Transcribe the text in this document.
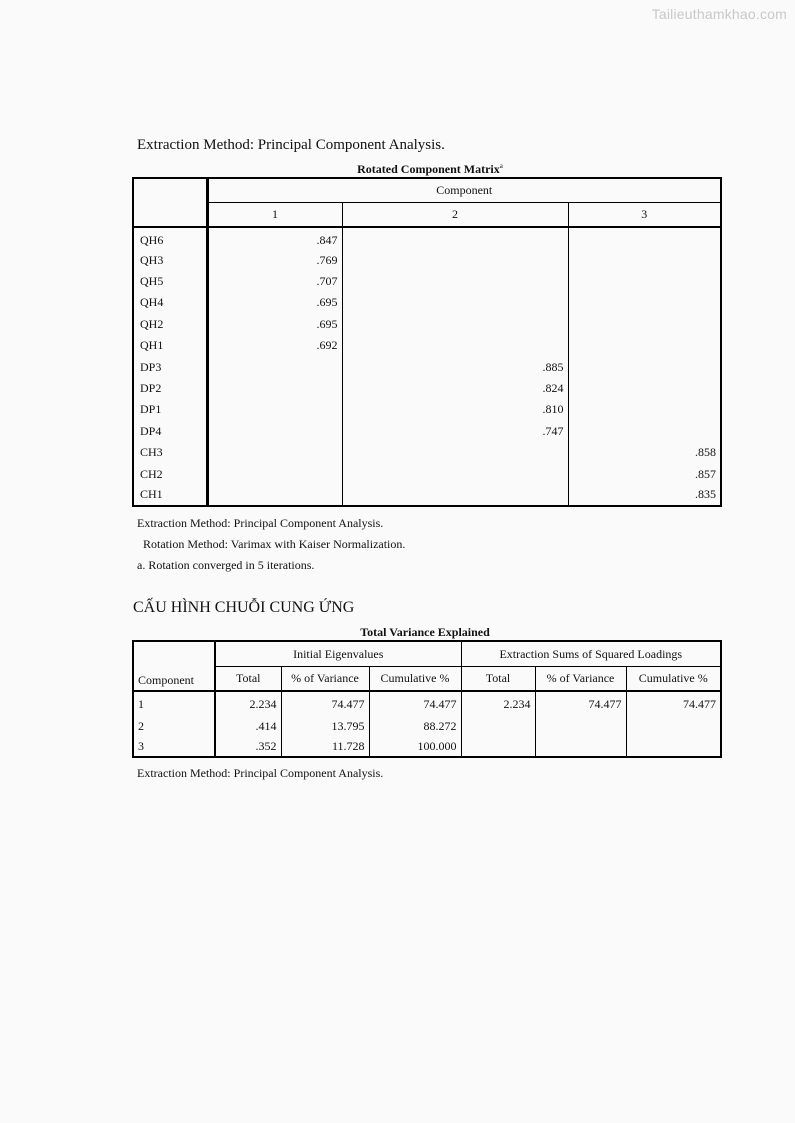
Tailieuthamkhao.com
Extraction Method: Principal Component Analysis.
Rotated Component Matrix$^a$
	Component		
	1	2	3
QH6	.847		
QH3	.769		
QH5	.707		
QH4	.695		
QH2	.695		
QH1	.692		
DP3		.885	
DP2		.824	
DP1		.810	
DP4		.747	
CH3			.858
CH2			.857
CH1			.835
Extraction Method: Principal Component Analysis.
Rotation Method: Varimax with Kaiser Normalization.
a. Rotation converged in 5 iterations.
CẤU HÌNH CHUỖI CUNG ỨNG
Total Variance Explained
Component	Initial Eigenvalues			Extraction Sums of Squared Loadings		
	Total	% of Variance	Cumulative %	Total	% of Variance	Cumulative %
1	2.234	74.477	74.477	2.234	74.477	74.477
2	.414	13.795	88.272			
3	.352	11.728	100.000			
Extraction Method: Principal Component Analysis.
